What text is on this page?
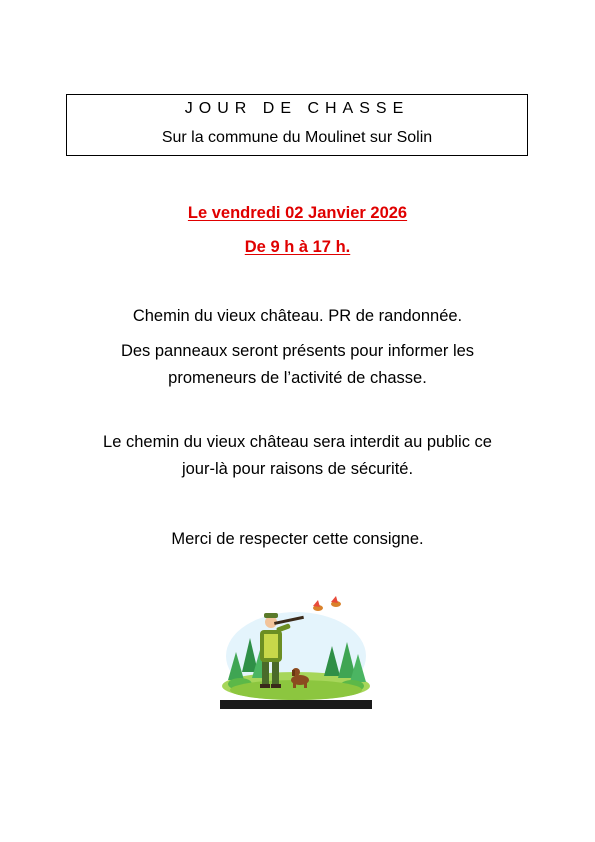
JOUR DE CHASSE
Sur la commune du Moulinet sur Solin
Le vendredi 02 Janvier 2026
De 9 h à 17 h.
Chemin du vieux château. PR de randonnée.
Des panneaux seront présents pour informer les
promeneurs de l’activité de chasse.
Le chemin du vieux château sera interdit au public ce
jour-là pour raisons de sécurité.
Merci de respecter cette consigne.
